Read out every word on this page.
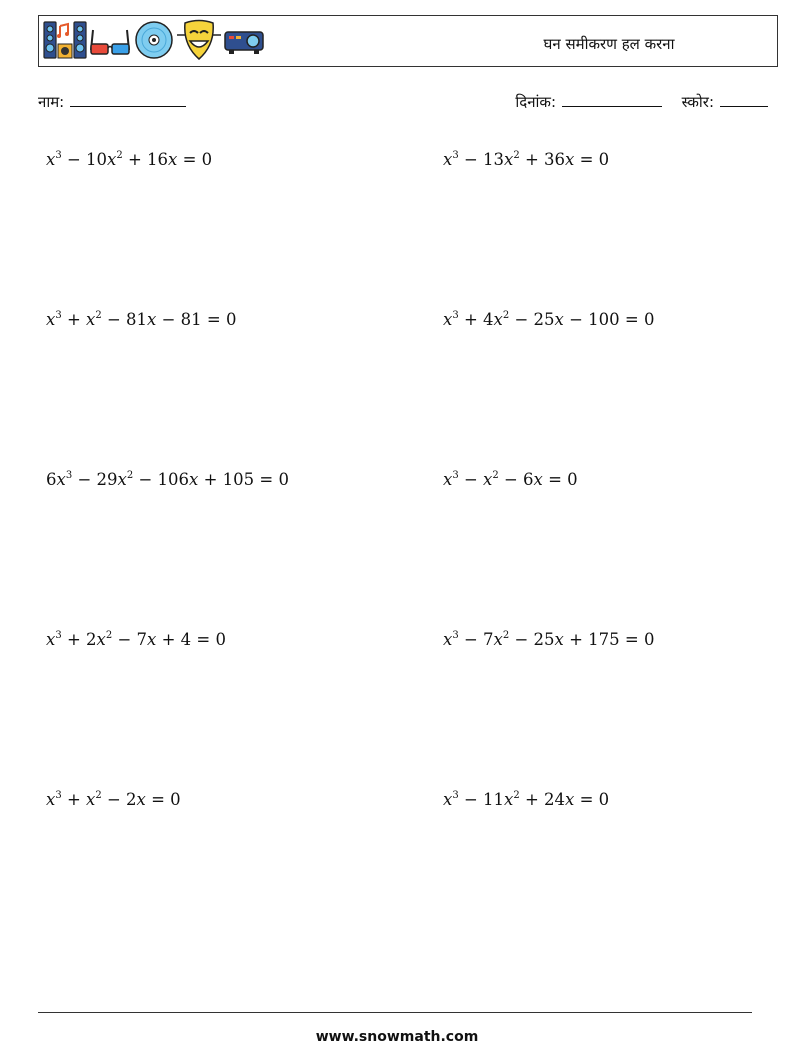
घन समीकरण हल करना
नाम:	दिनांक:	स्कोर:
$x^3 - 10x^2 + 16x = 0$	$x^3 - 13x^2 + 36x = 0$
$x^3 + x^2 - 81x - 81 = 0$	$x^3 + 4x^2 - 25x - 100 = 0$
$6x^3 - 29x^2 - 106x + 105 = 0$	$x^3 - x^2 - 6x = 0$
$x^3 + 2x^2 - 7x + 4 = 0$	$x^3 - 7x^2 - 25x + 175 = 0$
$x^3 + x^2 - 2x = 0$	$x^3 - 11x^2 + 24x = 0$
www.snowmath.com
